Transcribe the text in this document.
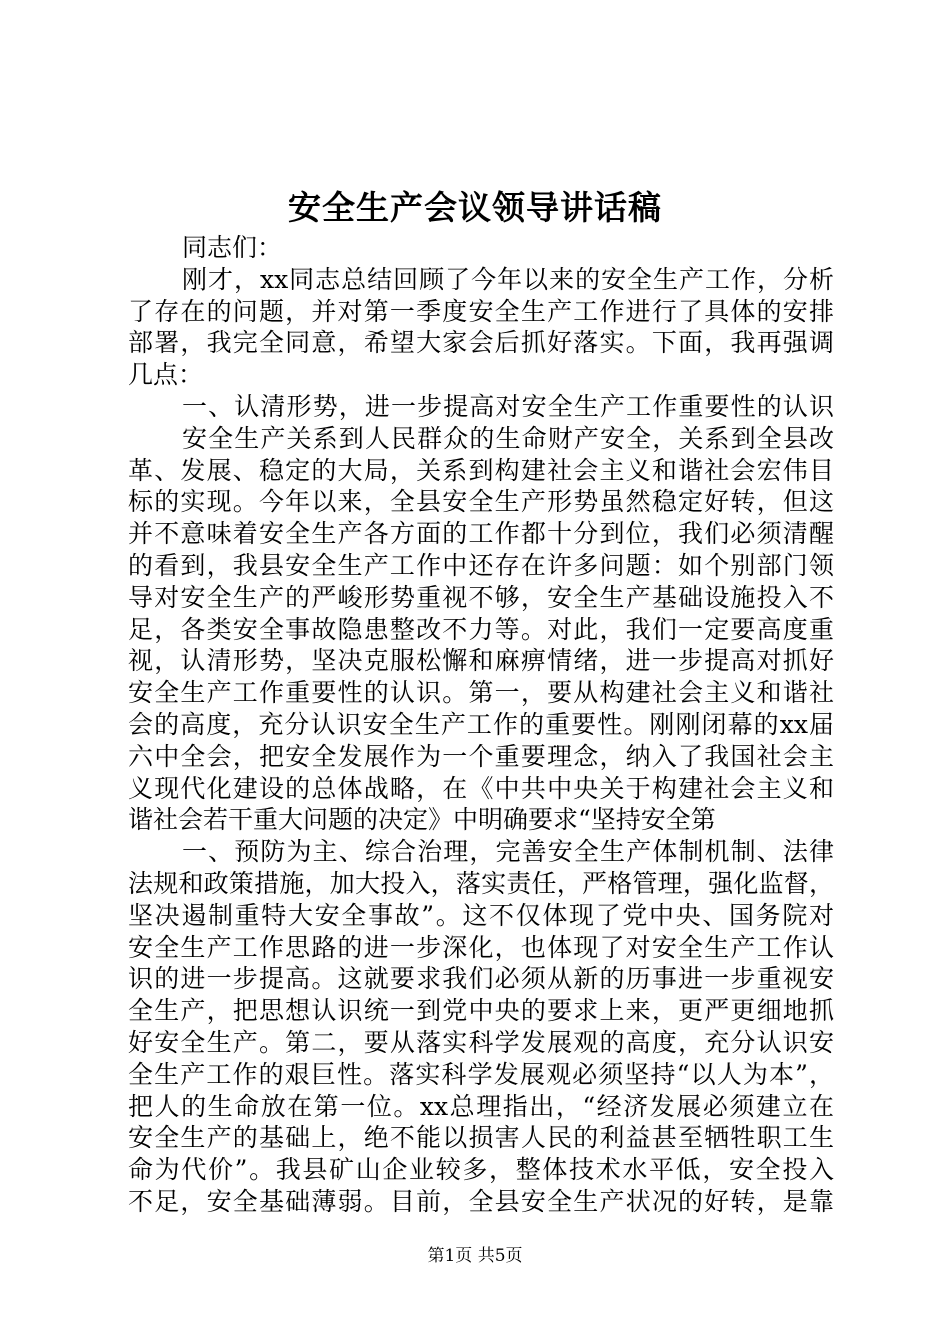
安全生产会议领导讲话稿
同志们：
刚才，xx同志总结回顾了今年以来的安全生产工作，分析
了存在的问题，并对第一季度安全生产工作进行了具体的安排
部署，我完全同意，希望大家会后抓好落实。下面，我再强调
几点：
一、认清形势，进一步提高对安全生产工作重要性的认识
安全生产关系到人民群众的生命财产安全，关系到全县改
革、发展、稳定的大局，关系到构建社会主义和谐社会宏伟目
标的实现。今年以来，全县安全生产形势虽然稳定好转，但这
并不意味着安全生产各方面的工作都十分到位，我们必须清醒
的看到，我县安全生产工作中还存在许多问题：如个别部门领
导对安全生产的严峻形势重视不够，安全生产基础设施投入不
足，各类安全事故隐患整改不力等。对此，我们一定要高度重
视，认清形势，坚决克服松懈和麻痹情绪，进一步提高对抓好
安全生产工作重要性的认识。第一，要从构建社会主义和谐社
会的高度，充分认识安全生产工作的重要性。刚刚闭幕的xx届
六中全会，把安全发展作为一个重要理念，纳入了我国社会主
义现代化建设的总体战略，在《中共中央关于构建社会主义和
谐社会若干重大问题的决定》中明确要求“坚持安全第
一、预防为主、综合治理，完善安全生产体制机制、法律
法规和政策措施，加大投入，落实责任，严格管理，强化监督，
坚决遏制重特大安全事故”。这不仅体现了党中央、国务院对
安全生产工作思路的进一步深化，也体现了对安全生产工作认
识的进一步提高。这就要求我们必须从新的历事进一步重视安
全生产，把思想认识统一到党中央的要求上来，更严更细地抓
好安全生产。第二，要从落实科学发展观的高度，充分认识安
全生产工作的艰巨性。落实科学发展观必须坚持“以人为本”，
把人的生命放在第一位。xx总理指出，“经济发展必须建立在
安全生产的基础上，绝不能以损害人民的利益甚至牺牲职工生
命为代价”。我县矿山企业较多，整体技术水平低，安全投入
不足，安全基础薄弱。目前，全县安全生产状况的好转，是靠
第1页 共5页
